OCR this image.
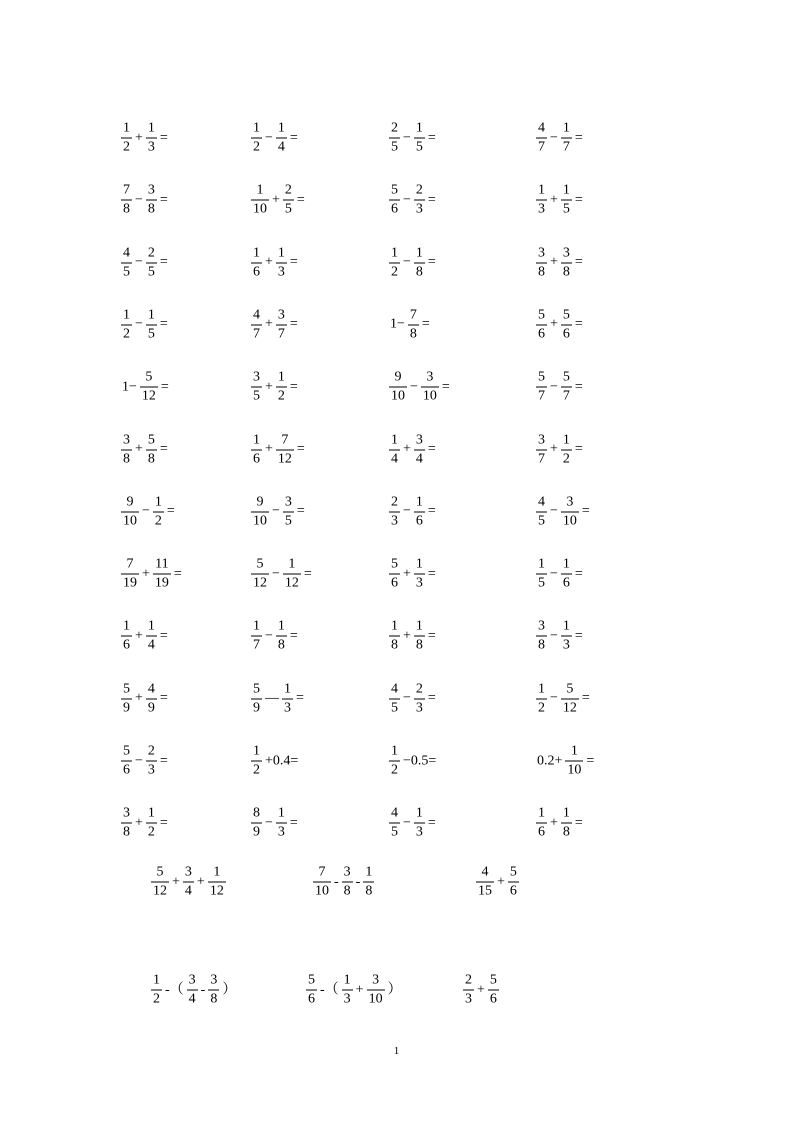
$\frac{1}{2} + \frac{1}{3}$ =	$\frac{1}{2} - \frac{1}{4}$ =	$\frac{2}{5} - \frac{1}{5}$ =	$\frac{4}{7} - \frac{1}{7}$ =
$\frac{7}{8} - \frac{3}{8}$ =	$\frac{1}{10} + \frac{2}{5}$ =	$\frac{5}{6} - \frac{2}{3}$ =	$\frac{1}{3} + \frac{1}{5}$ =
$\frac{4}{5} - \frac{2}{5}$ =	$\frac{1}{6} + \frac{1}{3}$ =	$\frac{1}{2} - \frac{1}{8}$ =	$\frac{3}{8} + \frac{3}{8}$ =
$\frac{1}{2} - \frac{1}{5}$ =	$\frac{4}{7} + \frac{3}{7}$ =	$1- \frac{7}{8}$ =	$\frac{5}{6} + \frac{5}{6}$ =
$1- \frac{5}{12}$ =	$\frac{3}{5} + \frac{1}{2}$ =	$\frac{9}{10} - \frac{3}{10}$ =	$\frac{5}{7} - \frac{5}{7}$ =
$\frac{3}{8} + \frac{5}{8}$ =	$\frac{1}{6} + \frac{7}{12}$ =	$\frac{1}{4} + \frac{3}{4}$ =	$\frac{3}{7} + \frac{1}{2}$ =
$\frac{9}{10} - \frac{1}{2}$ =	$\frac{9}{10} - \frac{3}{5}$ =	$\frac{2}{3} - \frac{1}{6}$ =	$\frac{4}{5} - \frac{3}{10}$ =
$\frac{7}{19} + \frac{11}{19}$ =	$\frac{5}{12} - \frac{1}{12}$ =	$\frac{5}{6} + \frac{1}{3}$ =	$\frac{1}{5} - \frac{1}{6}$ =
$\frac{1}{6} + \frac{1}{4}$ =	$\frac{1}{7} - \frac{1}{8}$ =	$\frac{1}{8} + \frac{1}{8}$ =	$\frac{3}{8} - \frac{1}{3}$ =
$\frac{5}{9} + \frac{4}{9}$ =	$\frac{5}{9}$ — $\frac{1}{3}$ =	$\frac{4}{5} - \frac{2}{3}$ =	$\frac{1}{2} - \frac{5}{12}$ =
$\frac{5}{6} - \frac{2}{3}$ =	$\frac{1}{2} +0.4=$	$\frac{1}{2} -0.5=$	$0.2+ \frac{1}{10}$ =
$\frac{3}{8} + \frac{1}{2}$ =	$\frac{8}{9} - \frac{1}{3}$ =	$\frac{4}{5} - \frac{1}{3}$ =	$\frac{1}{6} + \frac{1}{8}$ =
$\frac{5}{12} + \frac{3}{4} + \frac{1}{12}$	$\frac{7}{10} - \frac{3}{8} - \frac{1}{8}$	$\frac{4}{15} + \frac{5}{6}$
$\frac{1}{2}$ -（ $\frac{3}{4} - \frac{3}{8}$ ）	$\frac{5}{6}$ -（ $\frac{1}{3} + \frac{3}{10}$ ）	$\frac{2}{3} + \frac{5}{6}$
1
